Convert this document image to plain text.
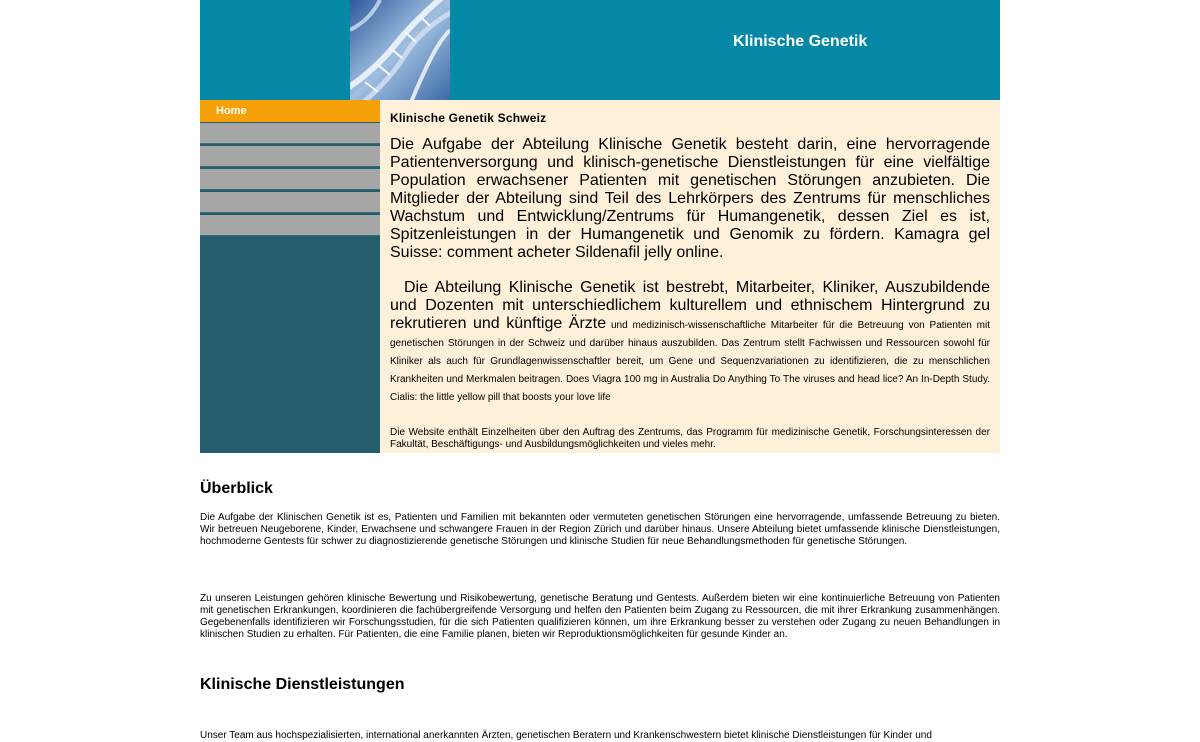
Klinische Genetik
Home	Klinische Genetik Schweiz

Die Aufgabe der Abteilung Klinische Genetik besteht darin, eine hervorragende Patientenversorgung und klinisch-genetische Dienstleistungen für eine vielfältige Population erwachsener Patienten mit genetischen Störungen anzubieten. Die Mitglieder der Abteilung sind Teil des Lehrkörpers des Zentrums für menschliches Wachstum und Entwicklung/Zentrums für Humangenetik, dessen Ziel es ist, Spitzenleistungen in der Humangenetik und Genomik zu fördern. Kamagra gel Suisse: comment acheter Sildenafil jelly online.

Die Abteilung Klinische Genetik ist bestrebt, Mitarbeiter, Kliniker, Auszubildende und Dozenten mit unterschiedlichem kulturellem und ethnischem Hintergrund zu rekrutieren und künftige Ärzte und medizinisch-wissenschaftliche Mitarbeiter für die Betreuung von Patienten mit genetischen Störungen in der Schweiz und darüber hinaus auszubilden. Das Zentrum stellt Fachwissen und Ressourcen sowohl für Kliniker als auch für Grundlagenwissenschaftler bereit, um Gene und Sequenzvariationen zu identifizieren, die zu menschlichen Krankheiten und Merkmalen beitragen. Does Viagra 100 mg in Australia Do Anything To The viruses and head lice? An In-Depth Study. Cialis: the little yellow pill that boosts your love life

Die Website enthält Einzelheiten über den Auftrag des Zentrums, das Programm für medizinische Genetik, Forschungsinteressen der Fakultät, Beschäftigungs- und Ausbildungsmöglichkeiten und vieles mehr.

Überblick

Die Aufgabe der Klinischen Genetik ist es, Patienten und Familien mit bekannten oder vermuteten genetischen Störungen eine hervorragende, umfassende Betreuung zu bieten. Wir betreuen Neugeborene, Kinder, Erwachsene und schwangere Frauen in der Region Zürich und darüber hinaus. Unsere Abteilung bietet umfassende klinische Dienstleistungen, hochmoderne Gentests für schwer zu diagnostizierende genetische Störungen und klinische Studien für neue Behandlungsmethoden für genetische Störungen.

Zu unseren Leistungen gehören klinische Bewertung und Risikobewertung, genetische Beratung und Gentests. Außerdem bieten wir eine kontinuierliche Betreuung von Patienten mit genetischen Erkrankungen, koordinieren die fachübergreifende Versorgung und helfen den Patienten beim Zugang zu Ressourcen, die mit ihrer Erkrankung zusammenhängen. Gegebenenfalls identifizieren wir Forschungsstudien, für die sich Patienten qualifizieren können, um ihre Erkrankung besser zu verstehen oder Zugang zu neuen Behandlungen in klinischen Studien zu erhalten. Für Patienten, die eine Familie planen, bieten wir Reproduktionsmöglichkeiten für gesunde Kinder an.

Klinische Dienstleistungen

Unser Team aus hochspezialisierten, international anerkannten Ärzten, genetischen Beratern und Krankenschwestern bietet klinische Dienstleistungen für Kinder und
